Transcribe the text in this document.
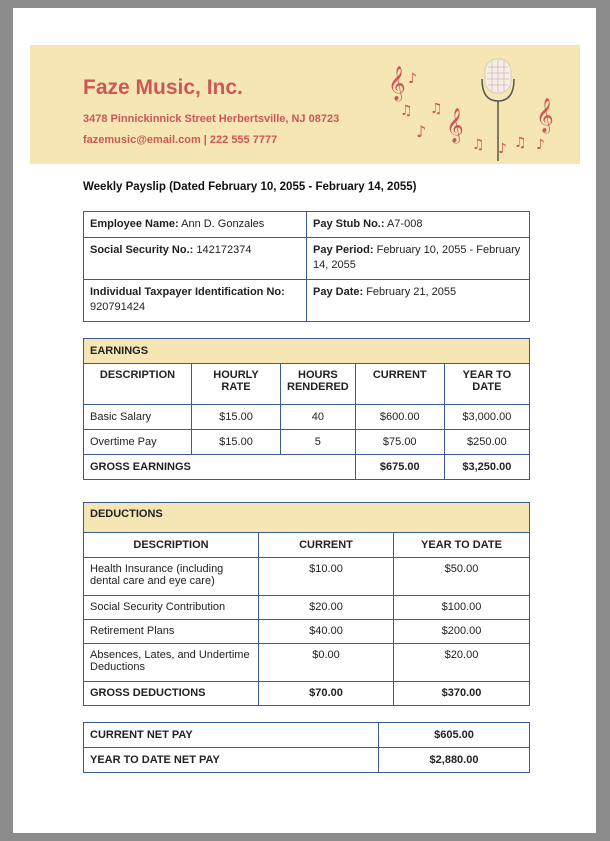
Faze Music, Inc.
3478 Pinnickinnick Street Herbertsville, NJ 08723
fazemusic@email.com | 222 555 7777
𝄞 ♪
♫
♪
♫ 𝄞
♫ ♪ ♫ ♪
𝄞
Weekly Payslip (Dated February 10, 2055 - February 14, 2055)
Employee Name: Ann D. Gonzales	Pay Stub No.: A7-008
Social Security No.: 142172374	Pay Period: February 10, 2055 - February 14, 2055
Individual Taxpayer Identification No:
920791424	Pay Date: February 21, 2055
EARNINGS				
DESCRIPTION	HOURLY RATE	HOURS RENDERED	CURRENT	YEAR TO DATE
Basic Salary	$15.00	40	$600.00	$3,000.00
Overtime Pay	$15.00	5	$75.00	$250.00
GROSS EARNINGS			$675.00	$3,250.00
DEDUCTIONS		
DESCRIPTION	CURRENT	YEAR TO DATE
Health Insurance (including dental care and eye care)	$10.00	$50.00
Social Security Contribution	$20.00	$100.00
Retirement Plans	$40.00	$200.00
Absences, Lates, and Undertime Deductions	$0.00	$20.00
GROSS DEDUCTIONS	$70.00	$370.00
CURRENT NET PAY	$605.00
YEAR TO DATE NET PAY	$2,880.00
